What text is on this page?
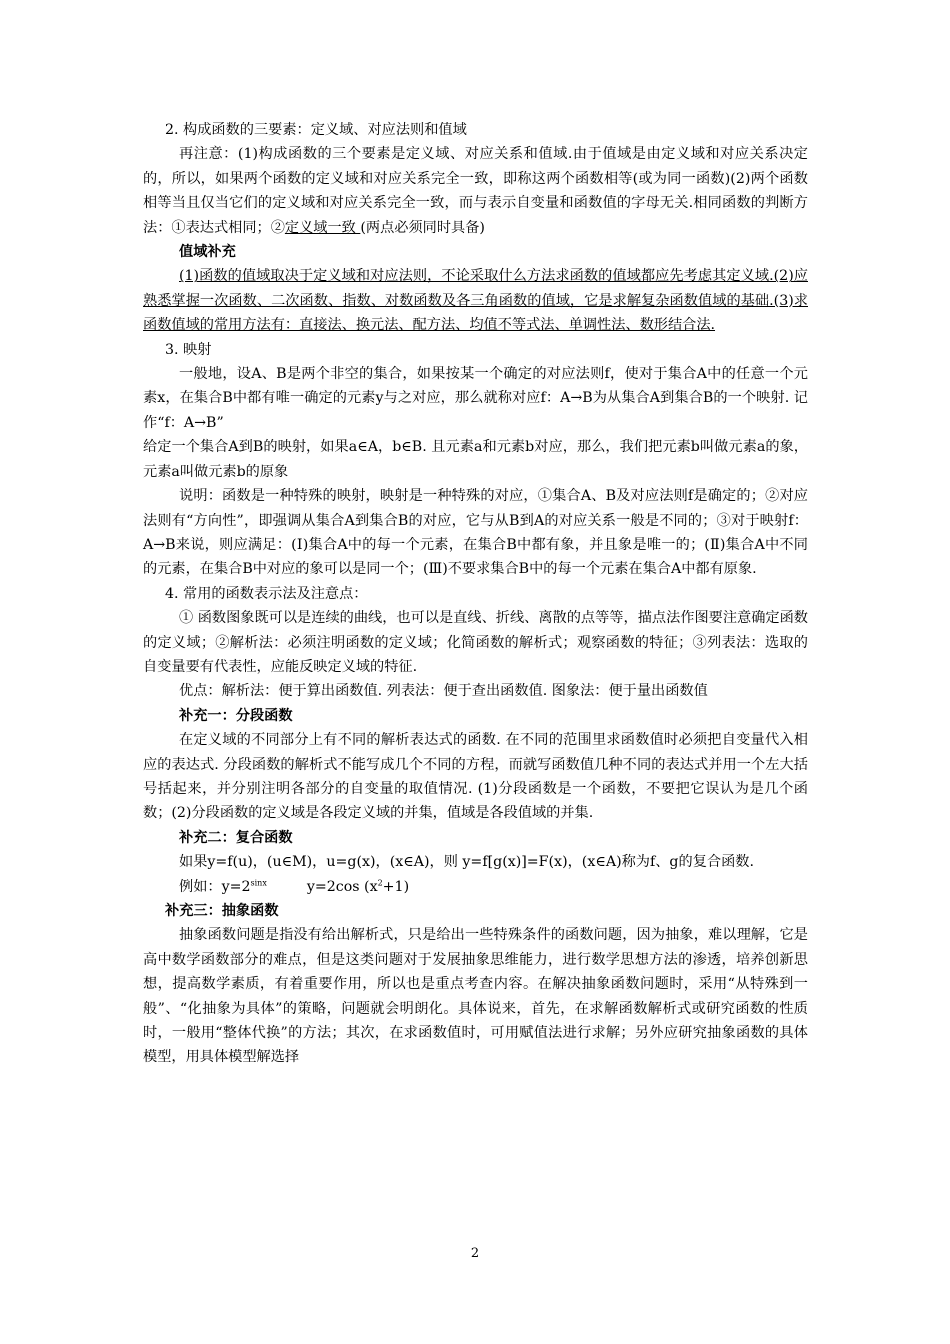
2. 构成函数的三要素：定义域、对应法则和值域

再注意：(1)构成函数的三个要素是定义域、对应关系和值域.由于值域是由定义域和对应关系决定的，所以，如果两个函数的定义域和对应关系完全一致，即称这两个函数相等(或为同一函数)(2)两个函数相等当且仅当它们的定义域和对应关系完全一致，而与表示自变量和函数值的字母无关.相同函数的判断方法：①表达式相同；②定义域一致 (两点必须同时具备)

值域补充

(1)函数的值域取决于定义域和对应法则，不论采取什么方法求函数的值域都应先考虑其定义域.(2)应熟悉掌握一次函数、二次函数、指数、对数函数及各三角函数的值域，它是求解复杂函数值域的基础.(3)求函数值域的常用方法有：直接法、换元法、配方法、均值不等式法、单调性法、数形结合法.

3. 映射

一般地，设A、B是两个非空的集合，如果按某一个确定的对应法则f，使对于集合A中的任意一个元素x，在集合B中都有唯一确定的元素y与之对应，那么就称对应f：A→B为从集合A到集合B的一个映射. 记作“f：A→B”

给定一个集合A到B的映射，如果a∈A，b∈B. 且元素a和元素b对应，那么，我们把元素b叫做元素a的象，元素a叫做元素b的原象

说明：函数是一种特殊的映射，映射是一种特殊的对应，①集合A、B及对应法则f是确定的；②对应法则有“方向性”，即强调从集合A到集合B的对应，它与从B到A的对应关系一般是不同的；③对于映射f：A→B来说，则应满足：(Ⅰ)集合A中的每一个元素，在集合B中都有象，并且象是唯一的；(Ⅱ)集合A中不同的元素，在集合B中对应的象可以是同一个；(Ⅲ)不要求集合B中的每一个元素在集合A中都有原象.

4. 常用的函数表示法及注意点：

① 函数图象既可以是连续的曲线，也可以是直线、折线、离散的点等等，描点法作图要注意确定函数的定义域；②解析法：必须注明函数的定义域；化简函数的解析式；观察函数的特征；③列表法：选取的自变量要有代表性，应能反映定义域的特征.

优点：解析法：便于算出函数值. 列表法：便于查出函数值. 图象法：便于量出函数值

补充一：分段函数

在定义域的不同部分上有不同的解析表达式的函数. 在不同的范围里求函数值时必须把自变量代入相应的表达式. 分段函数的解析式不能写成几个不同的方程，而就写函数值几种不同的表达式并用一个左大括号括起来，并分别注明各部分的自变量的取值情况. (1)分段函数是一个函数，不要把它误认为是几个函数；(2)分段函数的定义域是各段定义域的并集，值域是各段值域的并集.

补充二：复合函数

如果y=f(u)，(u∈M)，u=g(x)，(x∈A)，则 y=f[g(x)]=F(x)，(x∈A)称为f、g的复合函数.

例如：$y=2^{sinx}$	y=2cos $(x^2+1)$

补充三：抽象函数

抽象函数问题是指没有给出解析式，只是给出一些特殊条件的函数问题，因为抽象，难以理解，它是高中数学函数部分的难点，但是这类问题对于发展抽象思维能力，进行数学思想方法的渗透，培养创新思想，提高数学素质，有着重要作用，所以也是重点考查内容。在解决抽象函数问题时，采用“从特殊到一般”、“化抽象为具体”的策略，问题就会明朗化。具体说来，首先，在求解函数解析式或研究函数的性质时，一般用“整体代换”的方法；其次，在求函数值时，可用赋值法进行求解；另外应研究抽象函数的具体模型，用具体模型解选择

2
